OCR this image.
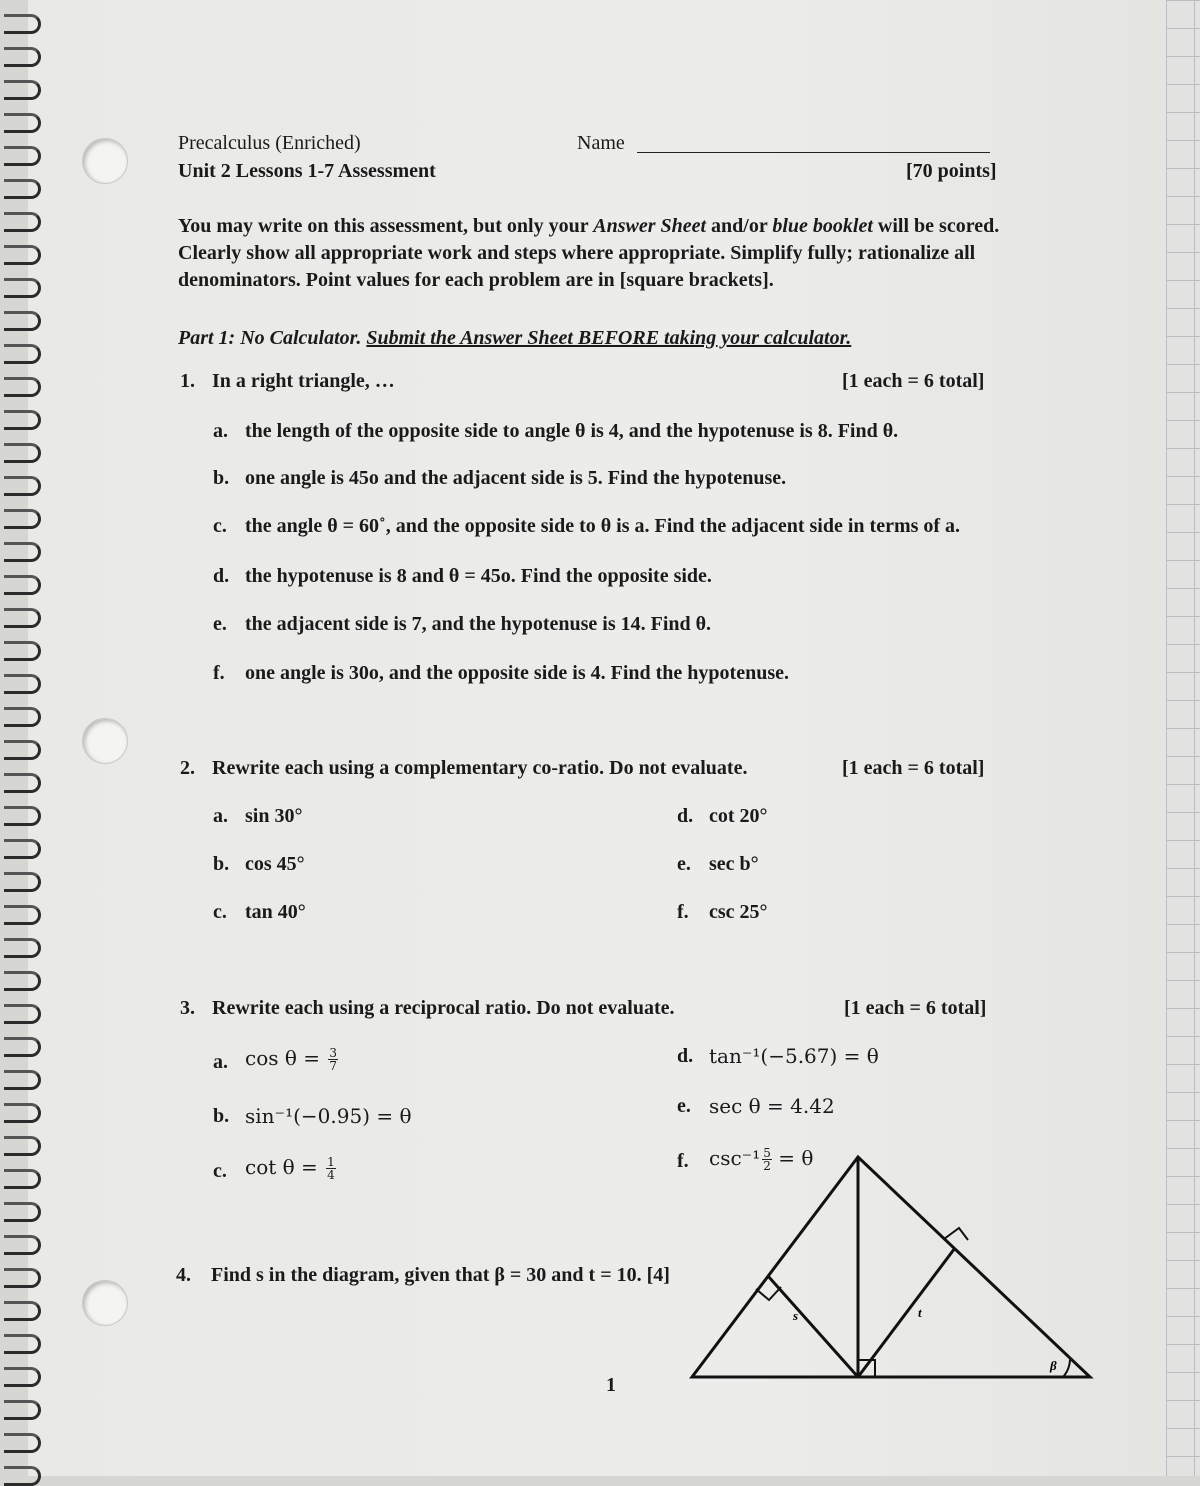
Precalculus (Enriched)
Unit 2 Lessons 1-7 Assessment
Name
[70 points]
You may write on this assessment, but only your Answer Sheet and/or blue booklet will be scored. Clearly show all appropriate work and steps where appropriate. Simplify fully; rationalize all denominators. Point values for each problem are in [square brackets].
Part 1: No Calculator. Submit the Answer Sheet BEFORE taking your calculator.
1. In a right triangle, …	[1 each = 6 total]
a. the length of the opposite side to angle θ is 4, and the hypotenuse is 8. Find θ.
b. one angle is 45ο and the adjacent side is 5. Find the hypotenuse.
c. the angle θ = 60˚, and the opposite side to θ is a. Find the adjacent side in terms of a.
d. the hypotenuse is 8 and θ = 45ο. Find the opposite side.
e. the adjacent side is 7, and the hypotenuse is 14. Find θ.
f. one angle is 30ο, and the opposite side is 4. Find the hypotenuse.
2. Rewrite each using a complementary co-ratio. Do not evaluate.	[1 each = 6 total]
a. sin 30°
b. cos 45°
c. tan 40°
d. cot 20°
e. sec b°
f. csc 25°
3. Rewrite each using a reciprocal ratio. Do not evaluate.	[1 each = 6 total]
a. $\cos \theta = \frac{3}{7}$
b. sin⁻¹(−0.95) = θ
c. $\cot \theta = \frac{1}{4}$
d. tan⁻¹(−5.67) = θ
e. sec θ = 4.42
f. $\csc^{-1} \frac{5}{2} = \theta$
4. Find s in the diagram, given that β = 30 and t = 10. [4]
s	t
β
1
